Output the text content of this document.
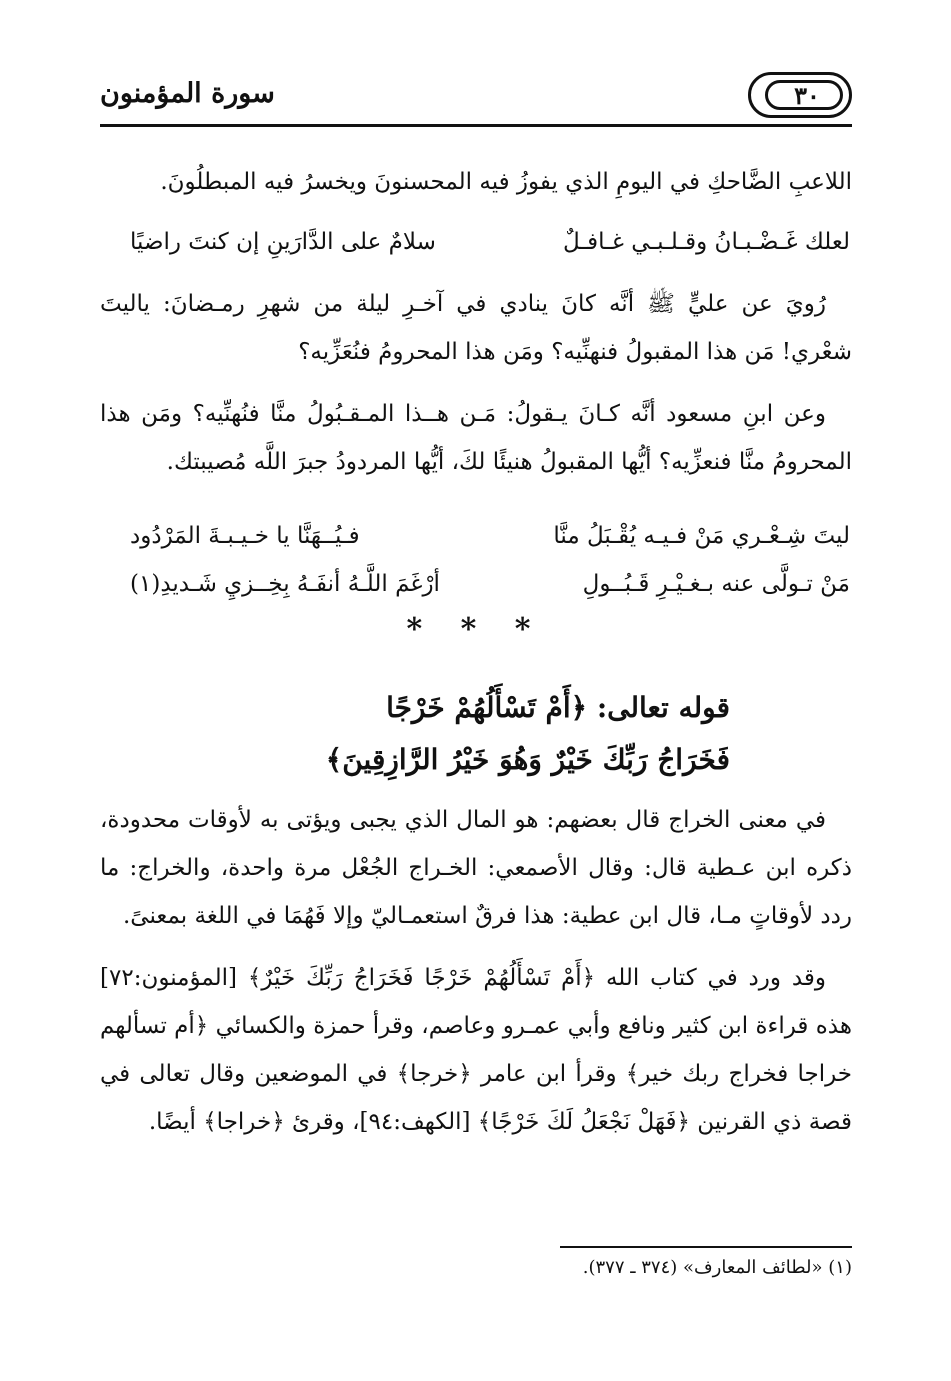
سورة المؤمنون	٣٠

اللاعبِ الضَّاحكِ في اليومِ الذي يفوزُ فيه المحسنونَ ويخسرُ فيه المبطلُونَ.

لعلك غَـضْـبـانُ وقـلـبـي غـافـلٌ
سلامٌ على الدَّارَينِ إن كنتَ راضيًا

رُويَ عن عليٍّ ﷺ أنَّه كانَ ينادي في آخـرِ ليلة من شهرِ رمـضانَ: ياليتَ شعْري! مَن هذا المقبولُ فنهنِّيه؟ ومَن هذا المحرومُ فنُعَزِّيه؟

وعن ابنِ مسعود أنَّه كـانَ يـقولُ: مَـن هــذا المـقـبُولُ منَّا فنُهنِّيه؟ ومَن هذا المحرومُ منَّا فنعزِّيه؟ أيُّها المقبولُ هنيئًا لكَ، أيُّها المردودُ جبرَ اللَّه مُصيبتك.

ليتَ شِـعْـري مَنْ فـيـه يُقْـبَلُ منَّا
فـيُــهَنَّا يا خـيـبـةَ المَرْدُود
مَنْ تـولَّى عنه بـغـيْـرِ قَـبُــولِ
أرْغَمَ اللَّـهُ أنفَـهُ بِخِــزيِ شَـديدِ(١)
* * *
قوله تعالى: ﴿أَمْ تَسْأَلُهُمْ خَرْجًا
فَخَرَاجُ رَبِّكَ خَيْرٌ وَهُوَ خَيْرُ الرَّازِقِينَ﴾

في معنى الخراج قال بعضهم: هو المال الذي يجبى ويؤتى به لأوقات محدودة، ذكره ابن عـطية قال: وقال الأصمعي: الخـراج الجُعْل مرة واحدة، والخراج: ما ردد لأوقاتٍ مـا، قال ابن عطية: هذا فرقٌ استعمـاليّ وإلا فَهُمَا في اللغة بمعنىً.

وقد ورد في كتاب الله ﴿أَمْ تَسْأَلُهُمْ خَرْجًا فَخَرَاجُ رَبِّكَ خَيْرٌ﴾ [المؤمنون:٧٢] هذه قراءة ابن كثير ونافع وأبي عمـرو وعاصم، وقرأ حمزة والكسائي ﴿أم تسألهم خراجا فخراج ربك خير﴾ وقرأ ابن عامر ﴿خرجا﴾ في الموضعين وقال تعالى في قصة ذي القرنين ﴿فَهَلْ نَجْعَلُ لَكَ خَرْجًا﴾ [الكهف:٩٤]، وقرئ ﴿خراجا﴾ أيضًا.

(١) «لطائف المعارف» (٣٧٤ ـ ٣٧٧).
